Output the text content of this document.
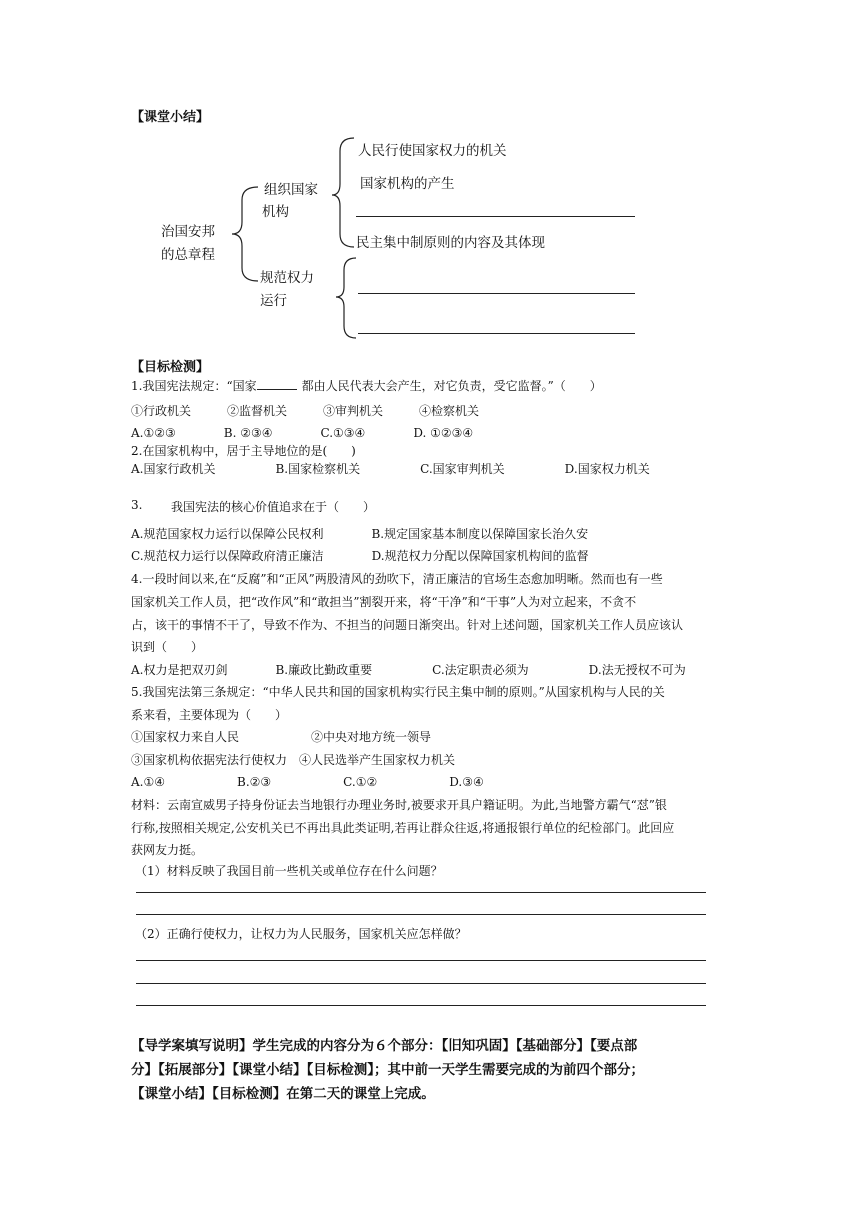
【课堂小结】
治国安邦
的总章程
组织国家
机构
人民行使国家权力的机关
国家机构的产生
民主集中制原则的内容及其体现
规范权力
运行
【目标检测】
1.我国宪法规定：“国家	都由人民代表大会产生，对它负责，受它监督。”（　　）
①行政机关　　　②监督机关　　　③审判机关　　　④检察机关
A.①②③　　　　B. ②③④　　　　C.①③④　　　　D. ①②③④
2.在国家机构中，居于主导地位的是(　　)
A.国家行政机关　　　　　B.国家检察机关　　　　　C.国家审判机关　　　　　D.国家权力机关
3. 我国宪法的核心价值追求在于（　　）
A.规范国家权力运行以保障公民权利　　　　B.规定国家基本制度以保障国家长治久安
C.规范权力运行以保障政府清正廉洁　　　　D.规范权力分配以保障国家机构间的监督
4.一段时间以来,在“反腐”和“正风”两股清风的劲吹下，清正廉洁的官场生态愈加明晰。然而也有一些
国家机关工作人员，把“改作风”和“敢担当”割裂开来，将“干净”和“干事”人为对立起来，不贪不
占，该干的事情不干了，导致不作为、不担当的问题日渐突出。针对上述问题，国家机关工作人员应该认
识到（　　）
A.权力是把双刃剑　　　　B.廉政比勤政重要　　　　　C.法定职责必须为　　　　　D.法无授权不可为
5.我国宪法第三条规定：“中华人民共和国的国家机构实行民主集中制的原则。”从国家机构与人民的关
系来看，主要体现为（　　）
①国家权力来自人民　　　　　　②中央对地方统一领导
③国家机构依据宪法行使权力　④人民选举产生国家权力机关
A.①④　　　　　　B.②③　　　　　　C.①②　　　　　　D.③④
材料：云南宣威男子持身份证去当地银行办理业务时,被要求开具户籍证明。为此,当地警方霸气“怼”银
行称,按照相关规定,公安机关已不再出具此类证明,若再让群众往返,将通报银行单位的纪检部门。此回应
获网友力挺。
（1）材料反映了我国目前一些机关或单位存在什么问题？
（2）正确行使权力，让权力为人民服务，国家机关应怎样做？
【导学案填写说明】学生完成的内容分为６个部分：【旧知巩固】【基础部分】【要点部
分】【拓展部分】【课堂小结】【目标检测】；其中前一天学生需要完成的为前四个部分；
【课堂小结】【目标检测】在第二天的课堂上完成。
